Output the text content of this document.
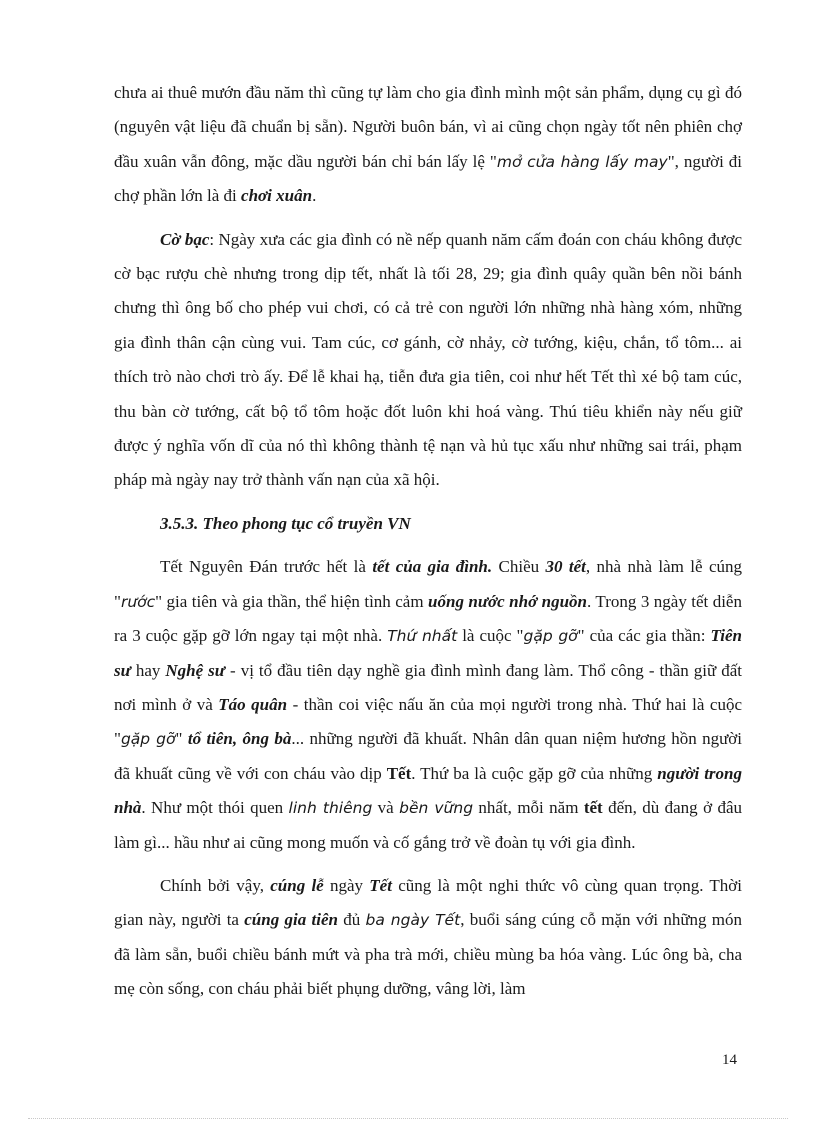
chưa ai thuê mướn đầu năm thì cũng tự làm cho gia đình mình một sản phẩm, dụng cụ gì đó (nguyên vật liệu đã chuẩn bị sẵn). Người buôn bán, vì ai cũng chọn ngày tốt nên phiên chợ đầu xuân vẫn đông, mặc dầu người bán chỉ bán lấy lệ "mở cửa hàng lấy may", người đi chợ phần lớn là đi chơi xuân.

Cờ bạc: Ngày xưa các gia đình có nề nếp quanh năm cấm đoán con cháu không được cờ bạc rượu chè nhưng trong dịp tết, nhất là tối 28, 29; gia đình quây quần bên nồi bánh chưng thì ông bố cho phép vui chơi, có cả trẻ con người lớn những nhà hàng xóm, những gia đình thân cận cùng vui. Tam cúc, cơ gánh, cờ nhảy, cờ tướng, kiệu, chắn, tổ tôm... ai thích trò nào chơi trò ấy. Để lễ khai hạ, tiễn đưa gia tiên, coi như hết Tết thì xé bộ tam cúc, thu bàn cờ tướng, cất bộ tổ tôm hoặc đốt luôn khi hoá vàng. Thú tiêu khiển này nếu giữ được ý nghĩa vốn dĩ của nó thì không thành tệ nạn và hủ tục xấu như những sai trái, phạm pháp mà ngày nay trở thành vấn nạn của xã hội.

3.5.3. Theo phong tục cổ truyền VN

Tết Nguyên Đán trước hết là tết của gia đình. Chiều 30 tết, nhà nhà làm lễ cúng "rước" gia tiên và gia thần, thể hiện tình cảm uống nước nhớ nguồn. Trong 3 ngày tết diễn ra 3 cuộc gặp gỡ lớn ngay tại một nhà. Thứ nhất là cuộc "gặp gỡ" của các gia thần: Tiên sư hay Nghệ sư - vị tổ đầu tiên dạy nghề gia đình mình đang làm. Thổ công - thần giữ đất nơi mình ở và Táo quân - thần coi việc nấu ăn của mọi người trong nhà. Thứ hai là cuộc "gặp gỡ" tổ tiên, ông bà... những người đã khuất. Nhân dân quan niệm hương hồn người đã khuất cũng về với con cháu vào dịp Tết. Thứ ba là cuộc gặp gỡ của những người trong nhà. Như một thói quen linh thiêng và bền vững nhất, mỗi năm tết đến, dù đang ở đâu làm gì... hầu như ai cũng mong muốn và cố gắng trở về đoàn tụ với gia đình.

Chính bởi vậy, cúng lễ ngày Tết cũng là một nghi thức vô cùng quan trọng. Thời gian này, người ta cúng gia tiên đủ ba ngày Tết, buổi sáng cúng cỗ mặn với những món đã làm sẵn, buổi chiều bánh mứt và pha trà mới, chiều mùng ba hóa vàng. Lúc ông bà, cha mẹ còn sống, con cháu phải biết phụng dưỡng, vâng lời, làm

14
